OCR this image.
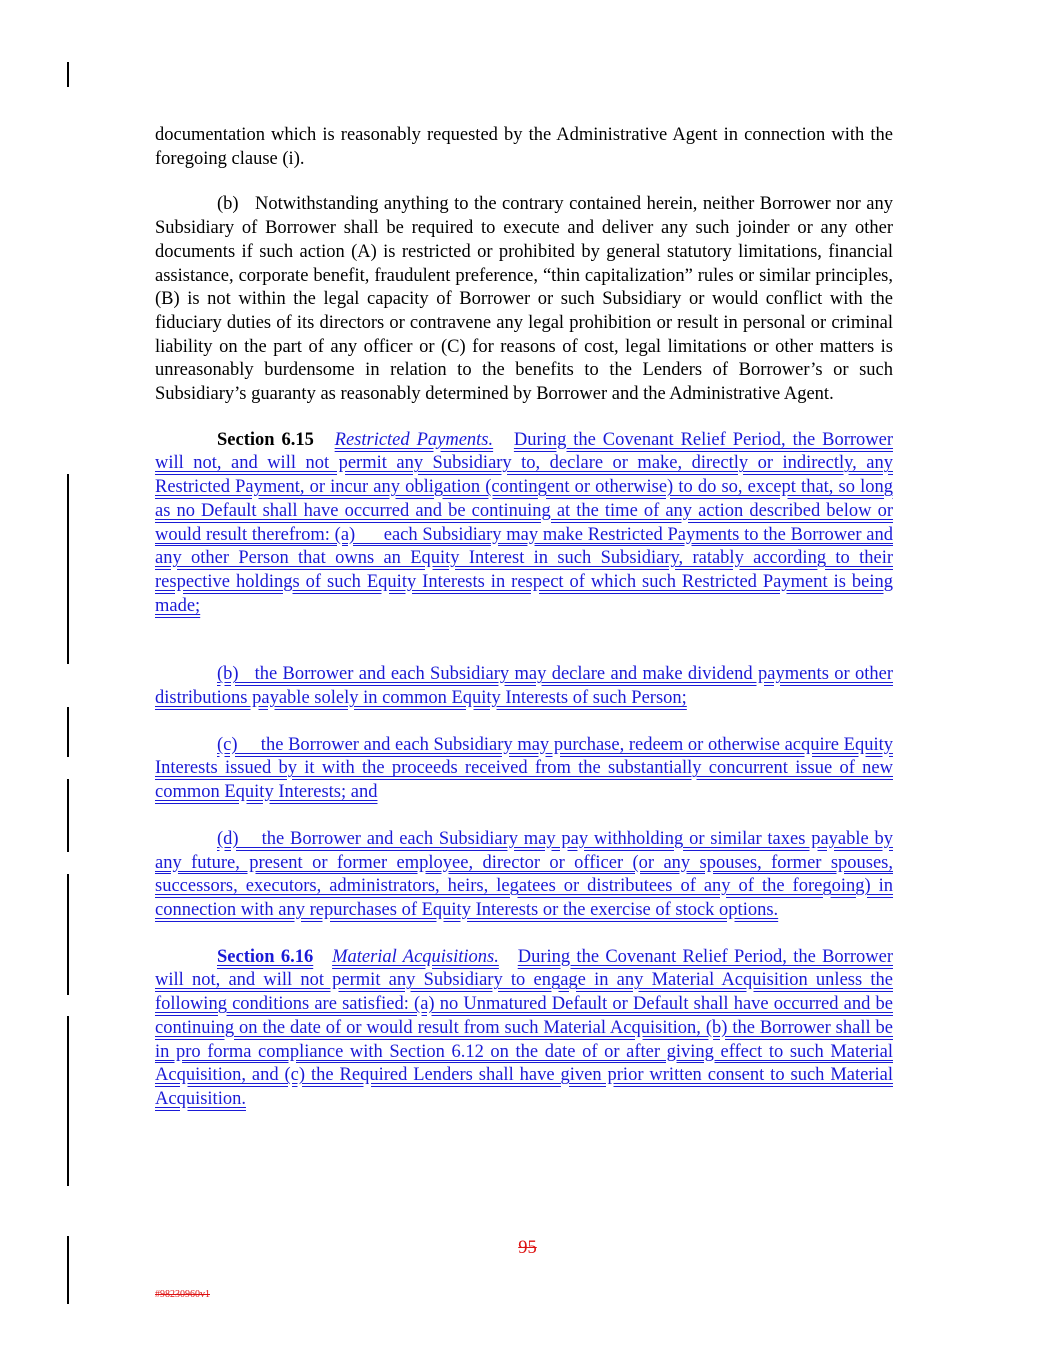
documentation which is reasonably requested by the Administrative Agent in connection with the foregoing clause (i).

(b)   Notwithstanding anything to the contrary contained herein, neither Borrower nor any Subsidiary of Borrower shall be required to execute and deliver any such joinder or any other documents if such action (A) is restricted or prohibited by general statutory limitations, financial assistance, corporate benefit, fraudulent preference, “thin capitalization” rules or similar principles, (B) is not within the legal capacity of Borrower or such Subsidiary or would conflict with the fiduciary duties of its directors or contravene any legal prohibition or result in personal or criminal liability on the part of any officer or (C) for reasons of cost, legal limitations or other matters is unreasonably burdensome in relation to the benefits to the Lenders of Borrower’s or such Subsidiary’s guaranty as reasonably determined by Borrower and the Administrative Agent.

Section 6.15 Restricted Payments. During the Covenant Relief Period, the Borrower will not, and will not permit any Subsidiary to, declare or make, directly or indirectly, any Restricted Payment, or incur any obligation (contingent or otherwise) to do so, except that, so long as no Default shall have occurred and be continuing at the time of any action described below or would result therefrom: (a)      each Subsidiary may make Restricted Payments to the Borrower and any other Person that owns an Equity Interest in such Subsidiary, ratably according to their respective holdings of such Equity Interests in respect of which such Restricted Payment is being made;

(b)   the Borrower and each Subsidiary may declare and make dividend payments or other distributions payable solely in common Equity Interests of such Person;

(c)     the Borrower and each Subsidiary may purchase, redeem or otherwise acquire Equity Interests issued by it with the proceeds received from the substantially concurrent issue of new common Equity Interests; and

(d)    the Borrower and each Subsidiary may pay withholding or similar taxes payable by any future, present or former employee, director or officer (or any spouses, former spouses, successors, executors, administrators, heirs, legatees or distributees of any of the foregoing) in connection with any repurchases of Equity Interests or the exercise of stock options.

Section 6.16 Material Acquisitions. During the Covenant Relief Period, the Borrower will not, and will not permit any Subsidiary to engage in any Material Acquisition unless the following conditions are satisfied: (a) no Unmatured Default or Default shall have occurred and be continuing on the date of or would result from such Material Acquisition, (b) the Borrower shall be in pro forma compliance with Section 6.12 on the date of or after giving effect to such Material Acquisition, and (c) the Required Lenders shall have given prior written consent to such Material Acquisition.

95
#98230960v1
